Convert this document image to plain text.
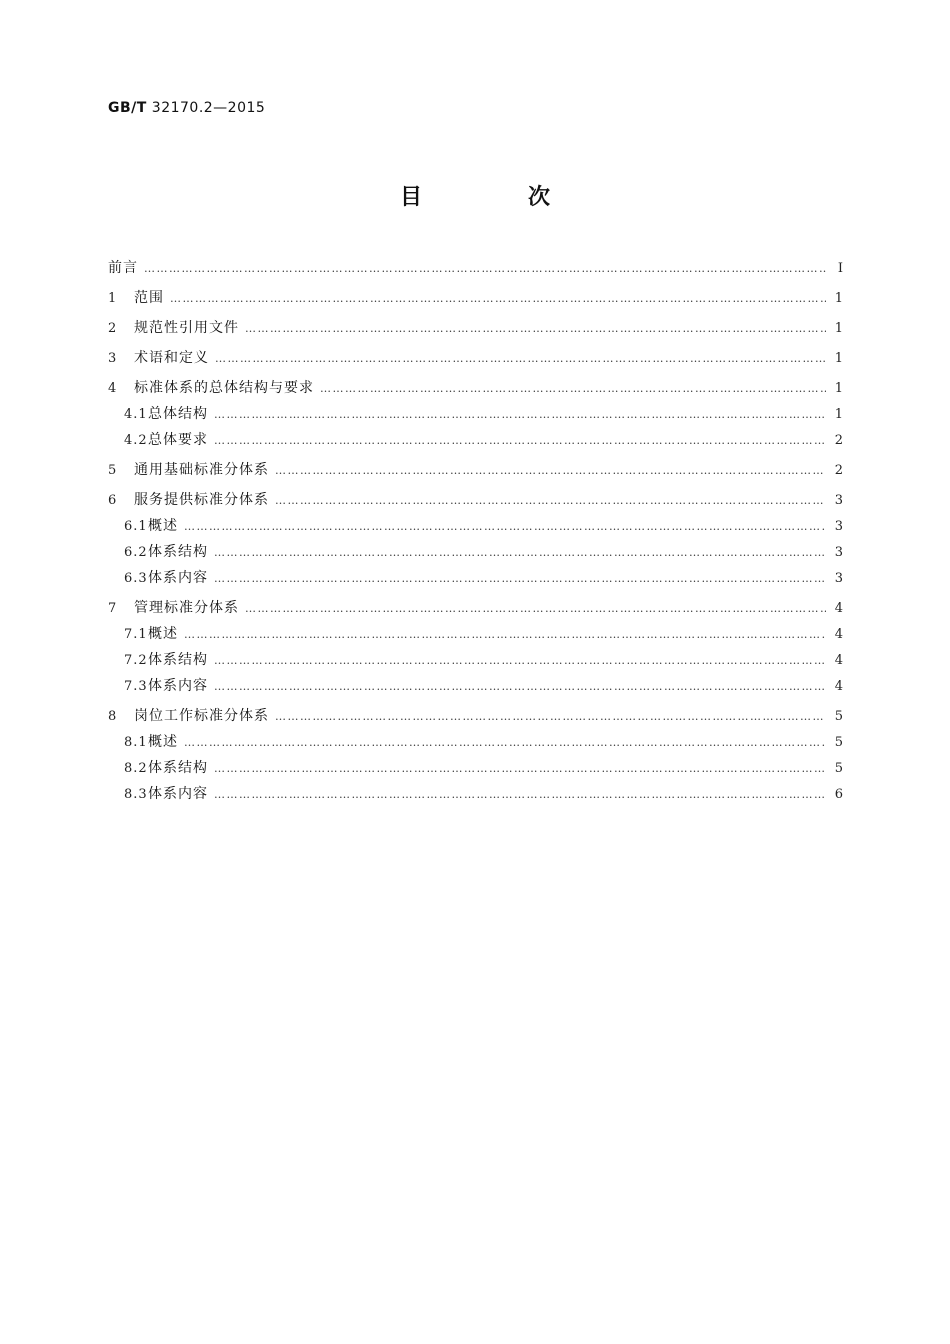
GB/T 32170.2—2015
目　次
前言 ………………………………………………………………………………………………………………………………………………………………………………………………………………………………………………	Ⅰ
1	范围 ………………………………………………………………………………………………………………………………………………………………………………………………………………………………………………	1
2	规范性引用文件 ………………………………………………………………………………………………………………………………………………………………………………………………………………………………………………	1
3	术语和定义 ………………………………………………………………………………………………………………………………………………………………………………………………………………………………………………	1
4	标准体系的总体结构与要求 ………………………………………………………………………………………………………………………………………………………………………………………………………………………………………………	1
4.1 总体结构 ………………………………………………………………………………………………………………………………………………………………………………………………………………………………………………	1
4.2 总体要求 ………………………………………………………………………………………………………………………………………………………………………………………………………………………………………………	2
5	通用基础标准分体系 ………………………………………………………………………………………………………………………………………………………………………………………………………………………………………………	2
6	服务提供标准分体系 ………………………………………………………………………………………………………………………………………………………………………………………………………………………………………………	3
6.1 概述 ………………………………………………………………………………………………………………………………………………………………………………………………………………………………………………	3
6.2 体系结构 ………………………………………………………………………………………………………………………………………………………………………………………………………………………………………………	3
6.3 体系内容 ………………………………………………………………………………………………………………………………………………………………………………………………………………………………………………	3
7	管理标准分体系 ………………………………………………………………………………………………………………………………………………………………………………………………………………………………………………	4
7.1 概述 ………………………………………………………………………………………………………………………………………………………………………………………………………………………………………………	4
7.2 体系结构 ………………………………………………………………………………………………………………………………………………………………………………………………………………………………………………	4
7.3 体系内容 ………………………………………………………………………………………………………………………………………………………………………………………………………………………………………………	4
8	岗位工作标准分体系 ………………………………………………………………………………………………………………………………………………………………………………………………………………………………………………	5
8.1 概述 ………………………………………………………………………………………………………………………………………………………………………………………………………………………………………………	5
8.2 体系结构 ………………………………………………………………………………………………………………………………………………………………………………………………………………………………………………	5
8.3 体系内容 ………………………………………………………………………………………………………………………………………………………………………………………………………………………………………………	6
